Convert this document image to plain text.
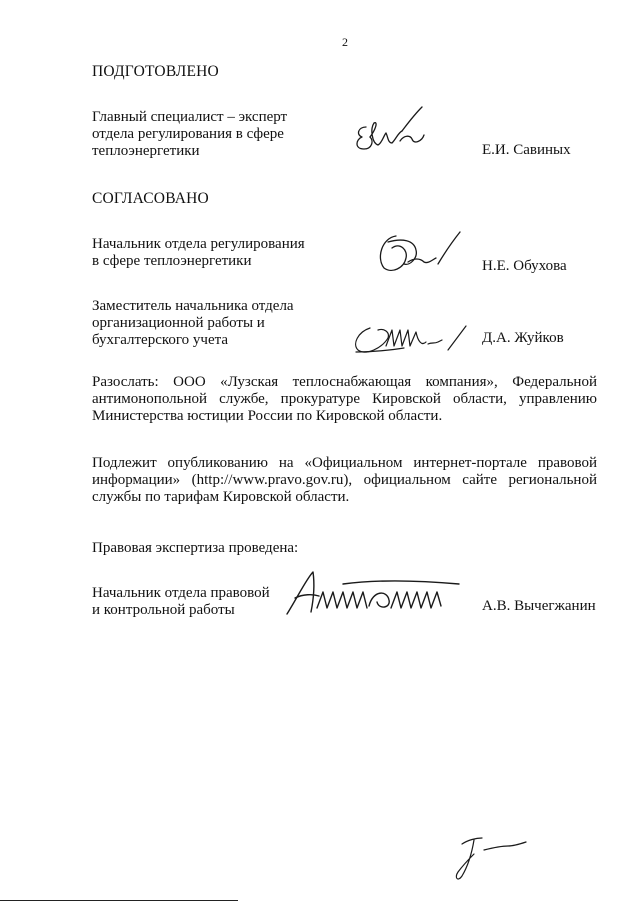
2
ПОДГОТОВЛЕНО
Главный специалист – эксперт
отдела регулирования в сфере
теплоэнергетики	Е.И. Савиных
СОГЛАСОВАНО
Начальник отдела регулирования
в сфере теплоэнергетики	Н.Е. Обухова
Заместитель начальника отдела
организационной работы и
бухгалтерского учета	Д.А. Жуйков
Разослать: ООО «Лузская теплоснабжающая компания», Федеральной антимонопольной службе, прокуратуре Кировской области, управлению Министерства юстиции России по Кировской области.
Подлежит опубликованию на «Официальном интернет-портале правовой информации» (http://www.pravo.gov.ru), официальном сайте региональной службы по тарифам Кировской области.
Правовая экспертиза проведена:
Начальник отдела правовой
и контрольной работы	А.В. Вычегжанин
